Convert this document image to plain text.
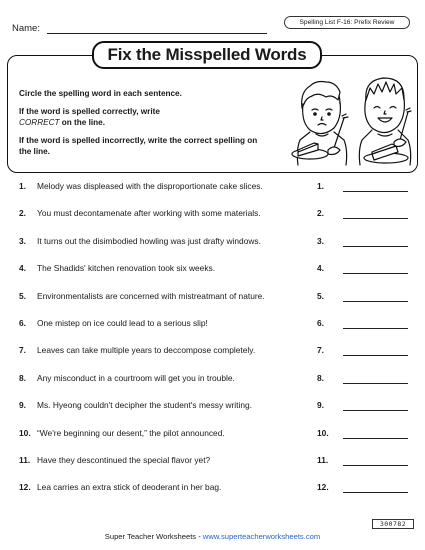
Name:
Spelling List F-16: Prefix Review
Fix the Misspelled Words
Circle the spelling word in each sentence.
If the word is spelled correctly, write CORRECT on the line.
If the word is spelled incorrectly, write the correct spelling on the line.
1. Melody was displeased with the disproportionate cake slices.	1.
2. You must decontamenate after working with some materials.	2.
3. It turns out the disimbodied howling was just drafty windows.	3.
4. The Shadids' kitchen renovation took six weeks.	4.
5. Environmentalists are concerned with mistreatmant of nature.	5.
6. One mistep on ice could lead to a serious slip!	6.
7. Leaves can take multiple years to deccompose completely.	7.
8. Any misconduct in a courtroom will get you in trouble.	8.
9. Ms. Hyeong couldn't decipher the student's messy writing.	9.
10. “We're beginning our desent,” the pilot announced.	10.
11. Have they descontinued the special flavor yet?	11.
12. Lea carries an extra stick of deoderant in her bag.	12.
Super Teacher Worksheets - www.superteacherworksheets.com
300782
